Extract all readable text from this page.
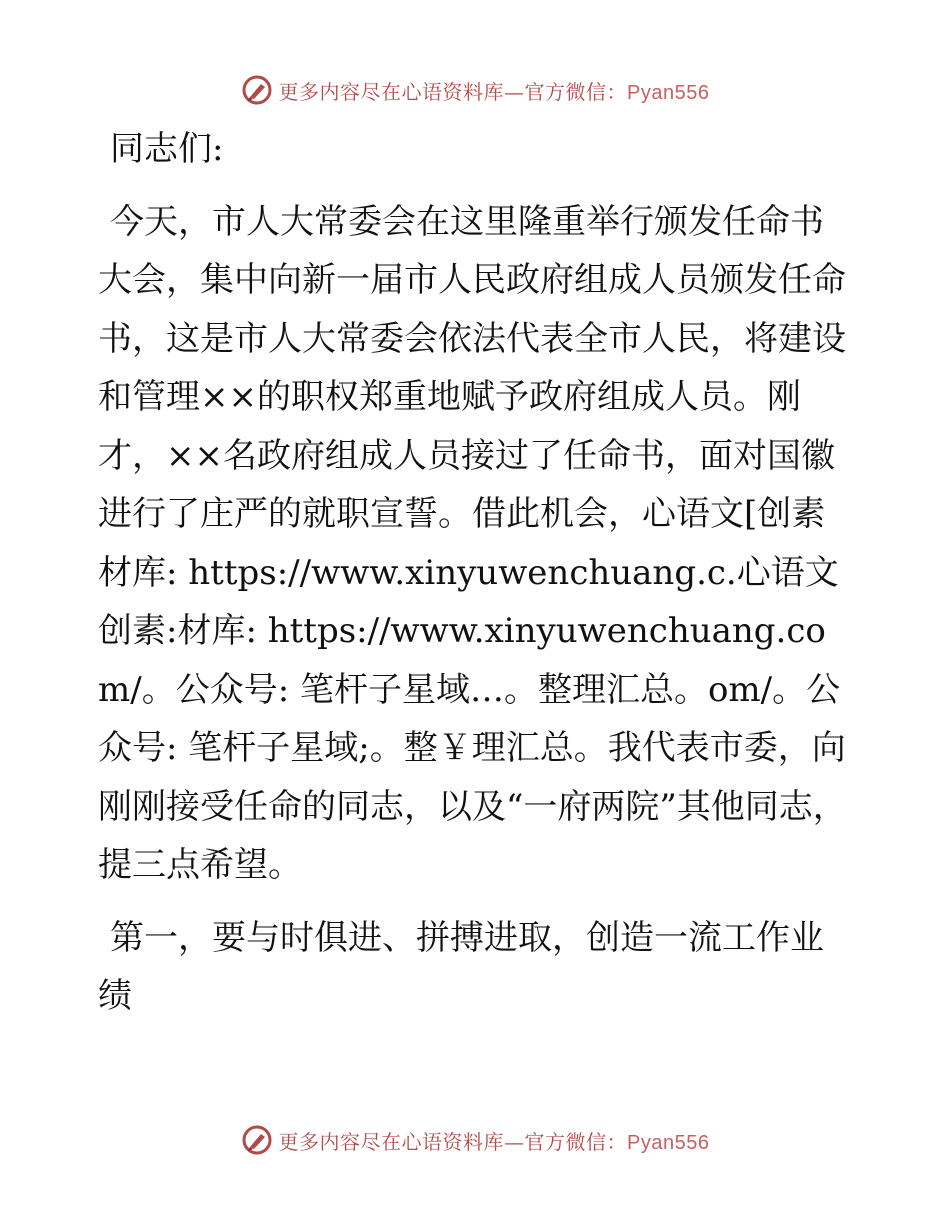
更多内容尽在心语资料库—官方微信：Pyan556

同志们:

今天，市人大常委会在这里隆重举行颁发任命书大会，集中向新一届市人民政府组成人员颁发任命书，这是市人大常委会依法代表全市人民，将建设和管理××的职权郑重地赋予政府组成人员。刚才，××名政府组成人员接过了任命书，面对国徽进行了庄严的就职宣誓。借此机会，心语文[创素材库: https://www.xinyuwenchuang.c.心语文创素:材库: https://www.xinyuwenchuang.com/。公众号: 笔杆子星域…。整理汇总。om/。公众号: 笔杆子星域;。整￥理汇总。我代表市委，向刚刚接受任命的同志，以及“一府两院”其他同志，提三点希望。

第一，要与时俱进、拼搏进取，创造一流工作业绩

更多内容尽在心语资料库—官方微信：Pyan556
